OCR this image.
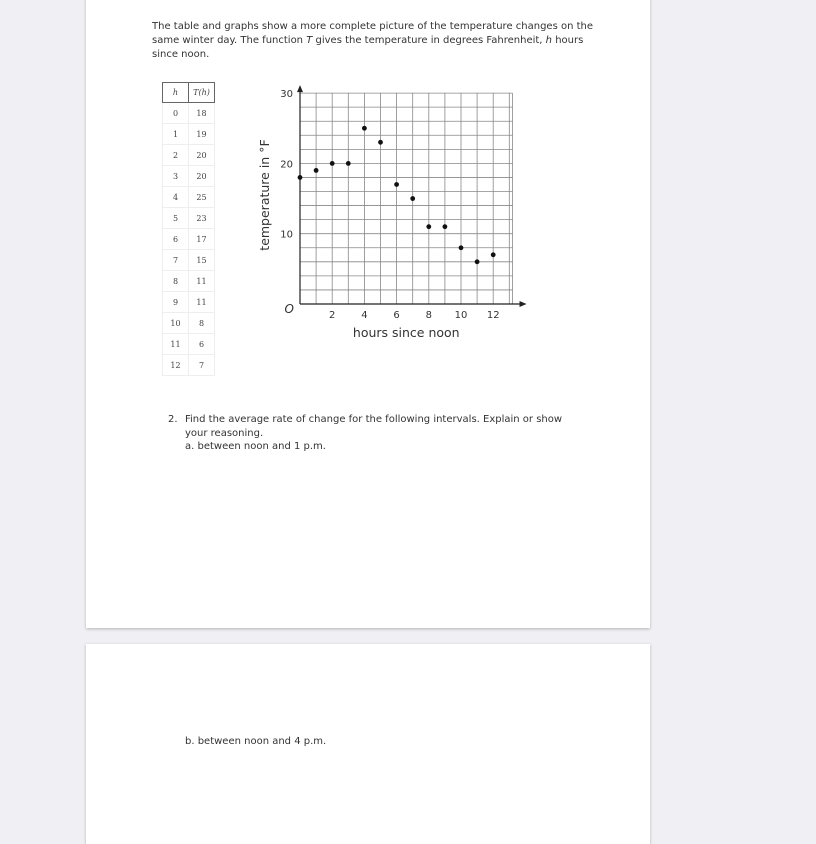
The table and graphs show a more complete picture of the temperature changes on the same winter day. The function T gives the temperature in degrees Fahrenheit, h hours since noon.

h	T(h)
0	18
1	19
2	20
3	20
4	25
5	23
6	17
7	15
8	11
9	11
10	8
11	6
12	7
2	4	6	8 10 12
10
20
30
O
hours since noon
temperature in °F
2. Find the average rate of change for the following intervals. Explain or show your reasoning.
a. between noon and 1 p.m.
b. between noon and 4 p.m.
